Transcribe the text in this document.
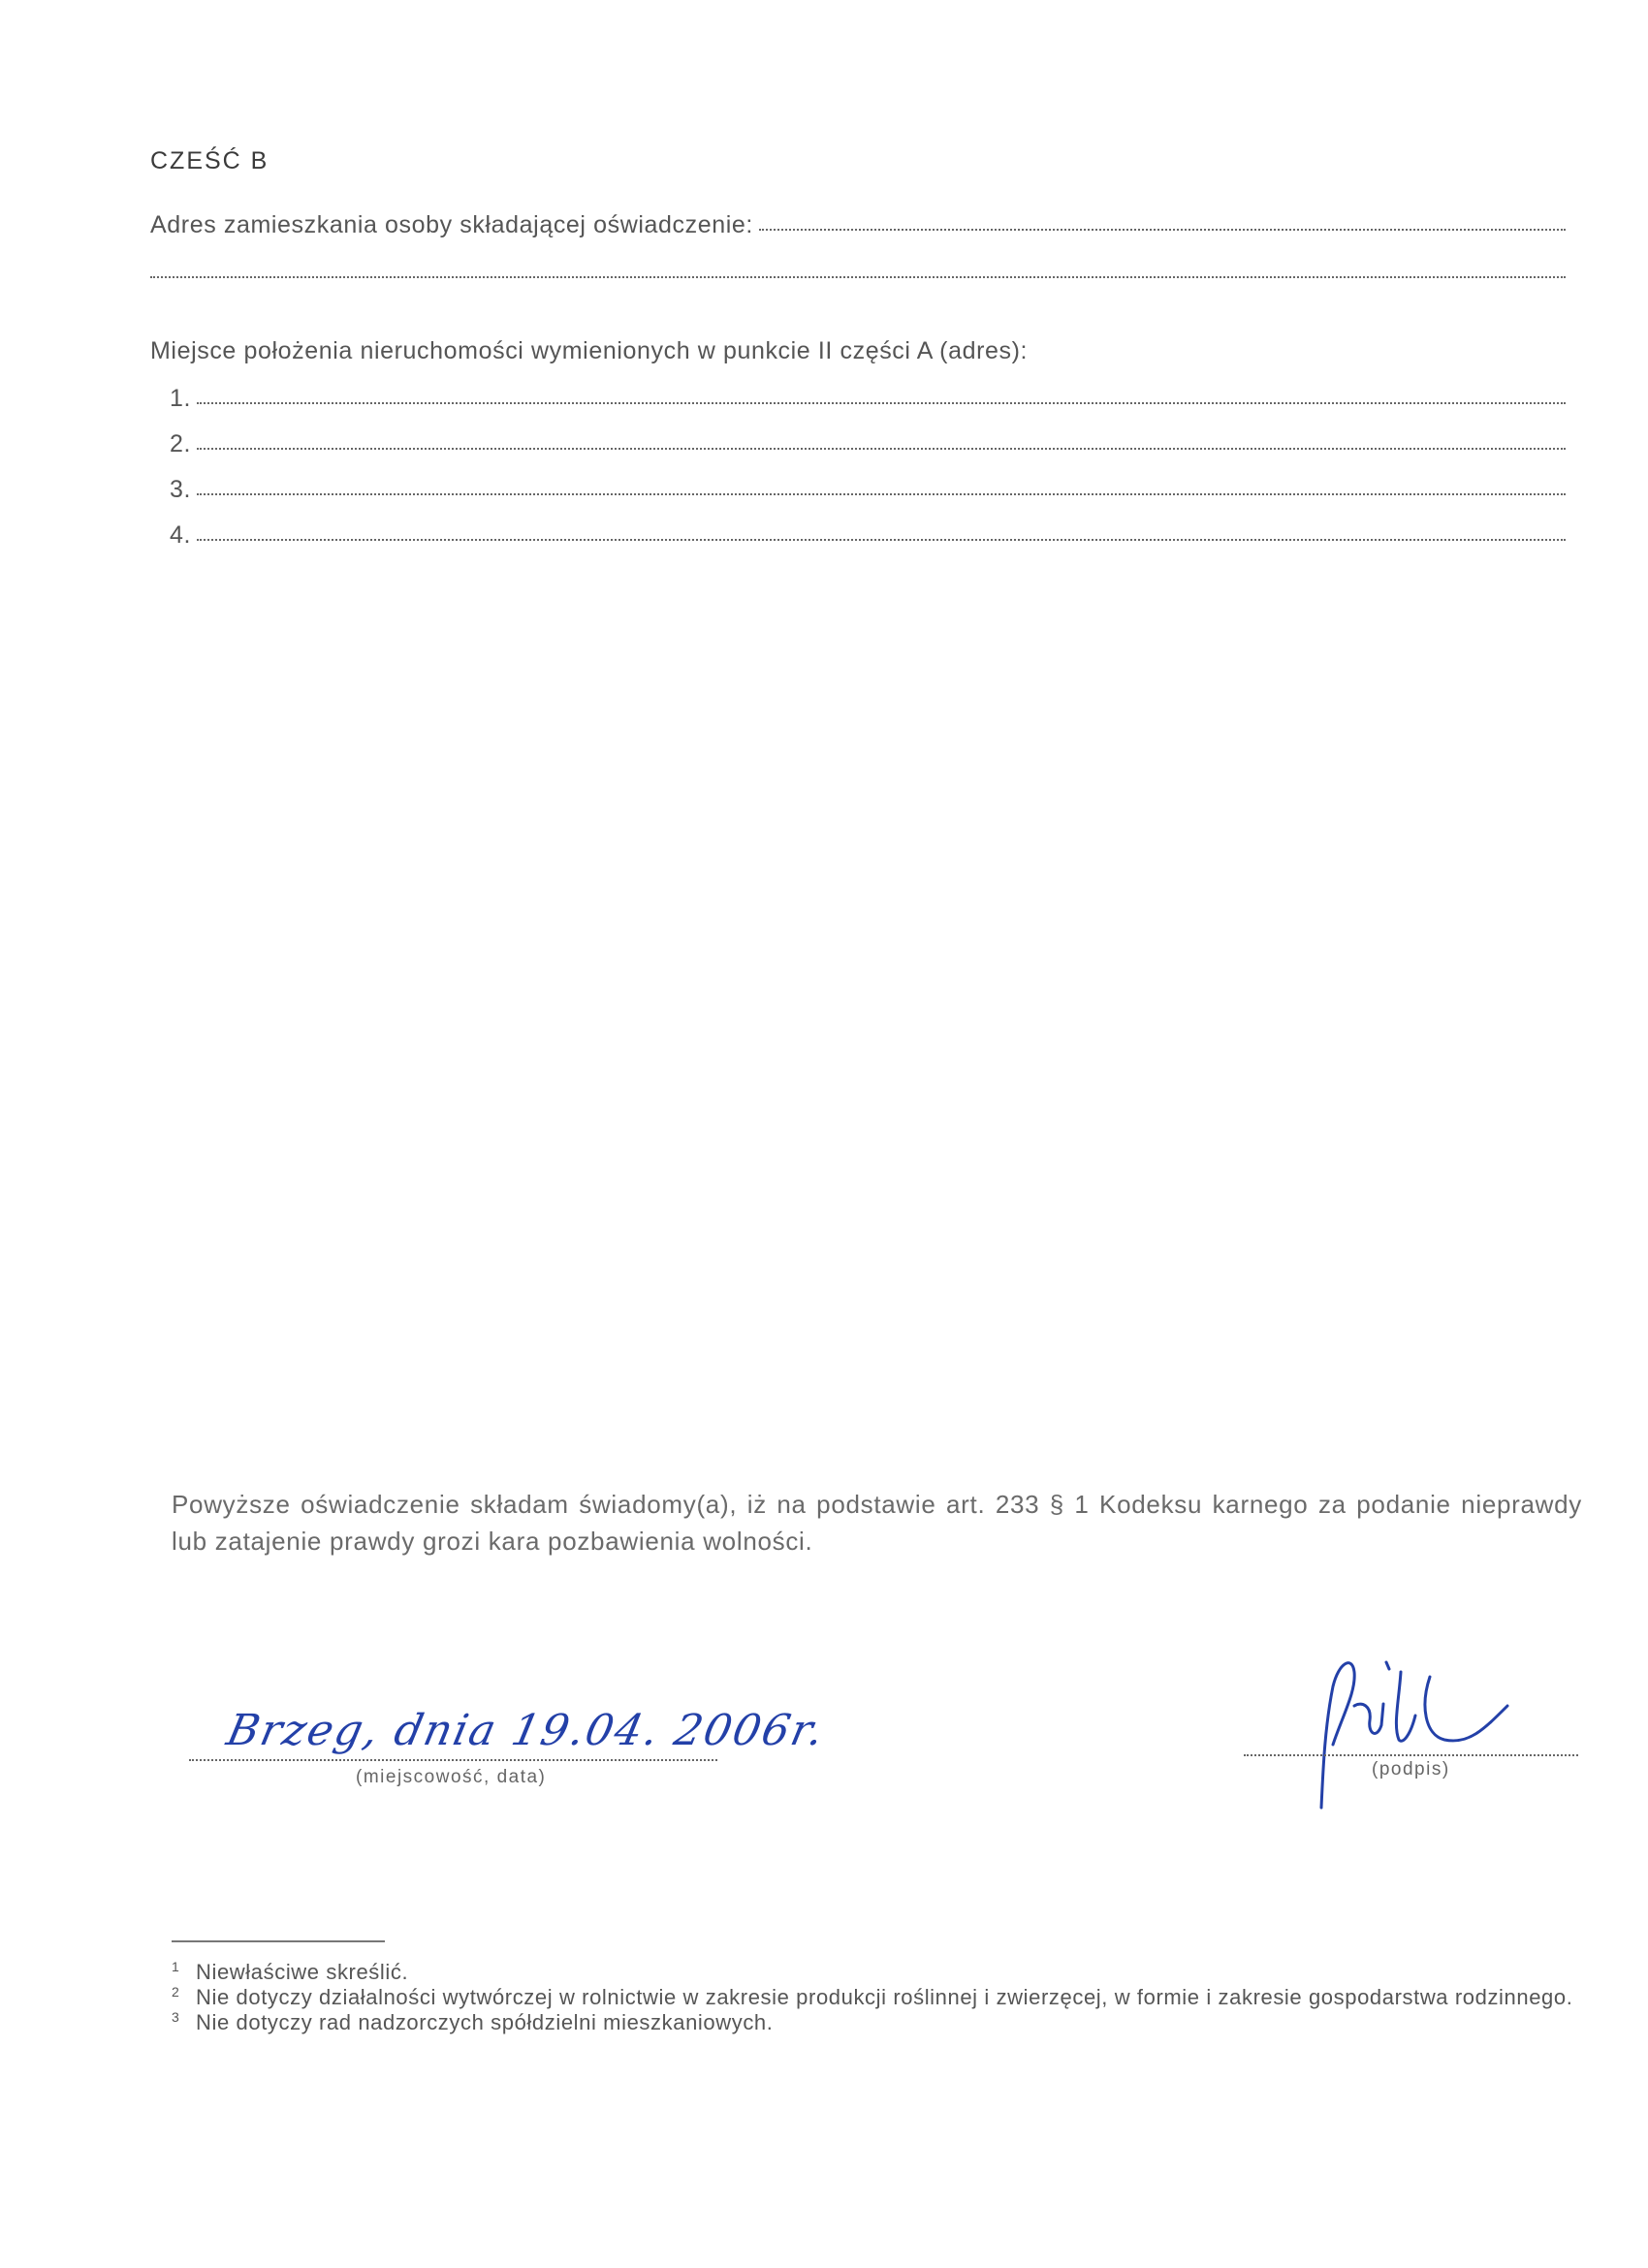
CZEŚĆ B
Adres zamieszkania osoby składającej oświadczenie:
Miejsce położenia nieruchomości wymienionych w punkcie II części A (adres):
1.
2.
3.
4.
Powyższe oświadczenie składam świadomy(a), iż na podstawie art. 233 § 1 Kodeksu karnego za podanie nieprawdy lub zatajenie prawdy grozi kara pozbawienia wolności.
Brzeg, dnia 19.04. 2006r.
(miejscowość, data)	(podpis)
1 Niewłaściwe skreślić.
2 Nie dotyczy działalności wytwórczej w rolnictwie w zakresie produkcji roślinnej i zwierzęcej, w formie i zakresie gospodarstwa rodzinnego.
3 Nie dotyczy rad nadzorczych spółdzielni mieszkaniowych.
